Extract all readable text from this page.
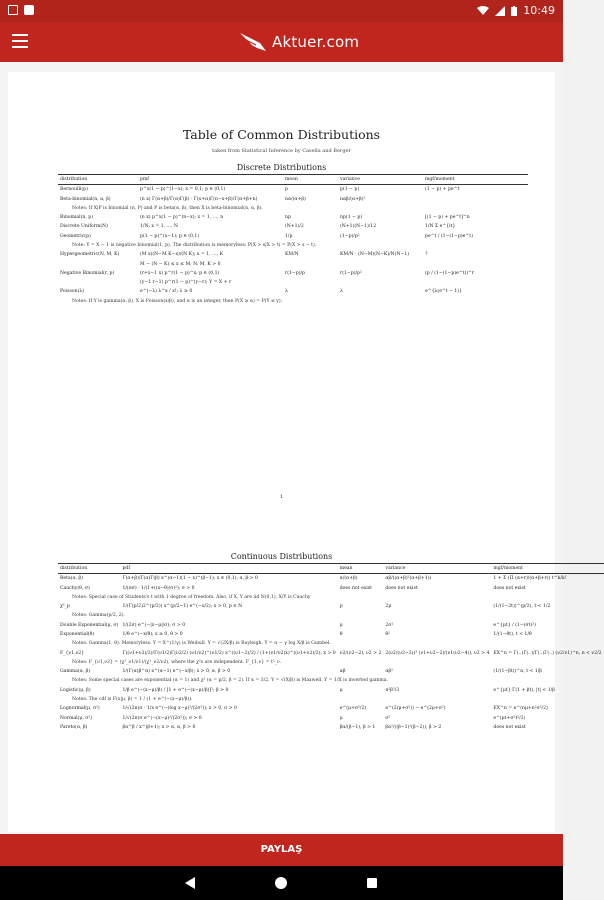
10:49
Aktuer.com
Table of Common Distributions
taken from Statistical Inference by Casella and Berger
Discrete Distributions
distribution	pmf	mean	variance	mgf/moment
Bernoulli(p)	p^x(1 − p)^(1−x); x = 0,1; p ∈ (0,1)	p	p(1 − p)	(1 − p) + pe^t
Beta-binomial(n, α, β)	(n x) Γ(α+β)/Γ(α)Γ(β) · Γ(x+α)Γ(n−x+β)/Γ(α+β+n)	nα/(α+β)	nαβ/(α+β)²	
Notes: If X|P is binomial (n, P) and P is beta(α, β), then X is beta-binomial(n, α, β).				
Binomial(n, p)	(n x) p^x(1 − p)^(n−x); x = 1, …, n	np	np(1 − p)	[(1 − p) + pe^t]^n
Discrete Uniform(N)	1/N; x = 1, …, N	(N+1)/2	(N+1)(N−1)/12	1/N Σ e^{it}
Geometric(p)	p(1 − p)^(x−1); p ∈ (0,1)	1/p	(1−p)/p²	pe^t / (1−(1−p)e^t)
Note: Y = X − 1 is negative binomial(1, p). The distribution is memoryless: P(X > s|X > t) = P(X > s − t).				
Hypergeometric(N, M, K)	(M x)(N−M K−x)/(N K); x = 1, …, K	KM/N	KM/N · (N−M)(N−K)/N(N−1)	?
	M − (N − K) ≤ x ≤ M; N, M, K > 0			
Negative Binomial(r, p)	(r+x−1 x) p^r(1 − p)^x; p ∈ (0,1)	r(1−p)/p	r(1−p)/p²	(p / (1−(1−p)e^t))^r
	(y−1 r−1) p^r(1 − p)^(y−r); Y = X + r			
Poisson(λ)	e^(−λ) λ^x / x!; λ ≥ 0	λ	λ	e^{λ(e^t − 1)}
Notes: If Y is gamma(α, β), X is Poisson(x/β), and α is an integer, then P(X ≥ α) = P(Y ≤ y).				
1
Continuous Distributions
distribution	pdf	mean	variance	mgf/moment
Beta(α, β)	Γ(α+β)/Γ(α)Γ(β) x^(α−1)(1 − x)^(β−1); x ∈ (0,1), α, β > 0	α/(α+β)	αβ/((α+β)²(α+β+1))	1 + Σ (Π (α+r)/(α+β+r)) t^k/k!
Cauchy(θ, σ)	1/(πσ) · 1/(1+((x−θ)/σ)²); σ > 0	does not exist	does not exist	does not exist
Notes: Special case of Students's t with 1 degree of freedom. Also, if X, Y are iid N(0,1), X/Y is Cauchy				
χ²_p	1/(Γ(p/2)2^(p/2)) x^(p/2−1) e^(−x/2); x > 0, p ∈ N	p	2p	(1/(1−2t))^(p/2), t < 1/2
Notes: Gamma(p/2, 2).				
Double Exponential(μ, σ)	1/(2σ) e^(−|x−μ|/σ); σ > 0	μ	2σ²	e^{μt} / (1−(σt)²)
Exponential(θ)	1/θ e^(−x/θ); x ≥ 0, θ > 0	θ	θ²	1/(1−θt), t < 1/θ
Notes: Gamma(1, θ). Memoryless. Y = X^(1/γ) is Weibull. Y = √(2X/β) is Rayleigh. Y = α − γ log X/β is Gumbel.				
F_{ν1,ν2}	Γ((ν1+ν2)/2)/Γ(ν1/2)Γ(ν2/2) (ν1/ν2)^(ν1/2) x^((ν1−2)/2) / (1+(ν1/ν2)x)^((ν1+ν2)/2); x > 0	ν2/(ν2−2), ν2 > 2	2(ν2/(ν2−2))² (ν1+ν2−2)/(ν1(ν2−4)), ν2 > 4	EX^n = Γ(..)Γ(..)/Γ(..)Γ(..) (ν2/ν1)^n, n < ν2/2
Notes: F_{ν1,ν2} = (χ²_ν1/ν1)/(χ²_ν2/ν2), where the χ²s are independent. F_{1,ν} = t²_ν.				
Gamma(α, β)	1/(Γ(α)β^α) x^(α−1) e^(−x/β); x > 0, α, β > 0	αβ	αβ²	(1/(1−βt))^α, t < 1/β
Notes: Some special cases are exponential (α = 1) and χ² (α = p/2, β = 2). If α = 3/2, Y = √(X/β) is Maxwell. Y = 1/X is inverted gamma.				
Logistic(μ, β)	1/β e^(−(x−μ)/β) / [1 + e^(−(x−μ)/β)]²; β > 0	μ	π²β²/3	e^{μt} Γ(1 + βt), |t| < 1/β
Notes: The cdf is F(x|μ, β) = 1 / (1 + e^(−(x−μ)/β)).				
Lognormal(μ, σ²)	1/√(2π)σ · 1/x e^(−(log x−μ)²/(2σ²)); x > 0, σ > 0	e^(μ+σ²/2)	e^(2(μ+σ²)) − e^(2μ+σ²)	EX^n = e^(nμ+n²σ²/2)
Normal(μ, σ²)	1/√(2π)σ e^(−(x−μ)²/(2σ²)); σ > 0	μ	σ²	e^(μt+σ²t²/2)
Pareto(α, β)	βα^β / x^(β+1); x > α, α, β > 0	βα/(β−1), β > 1	βα²/((β−1)²(β−2)), β > 2	does not exist
PAYLAŞ
